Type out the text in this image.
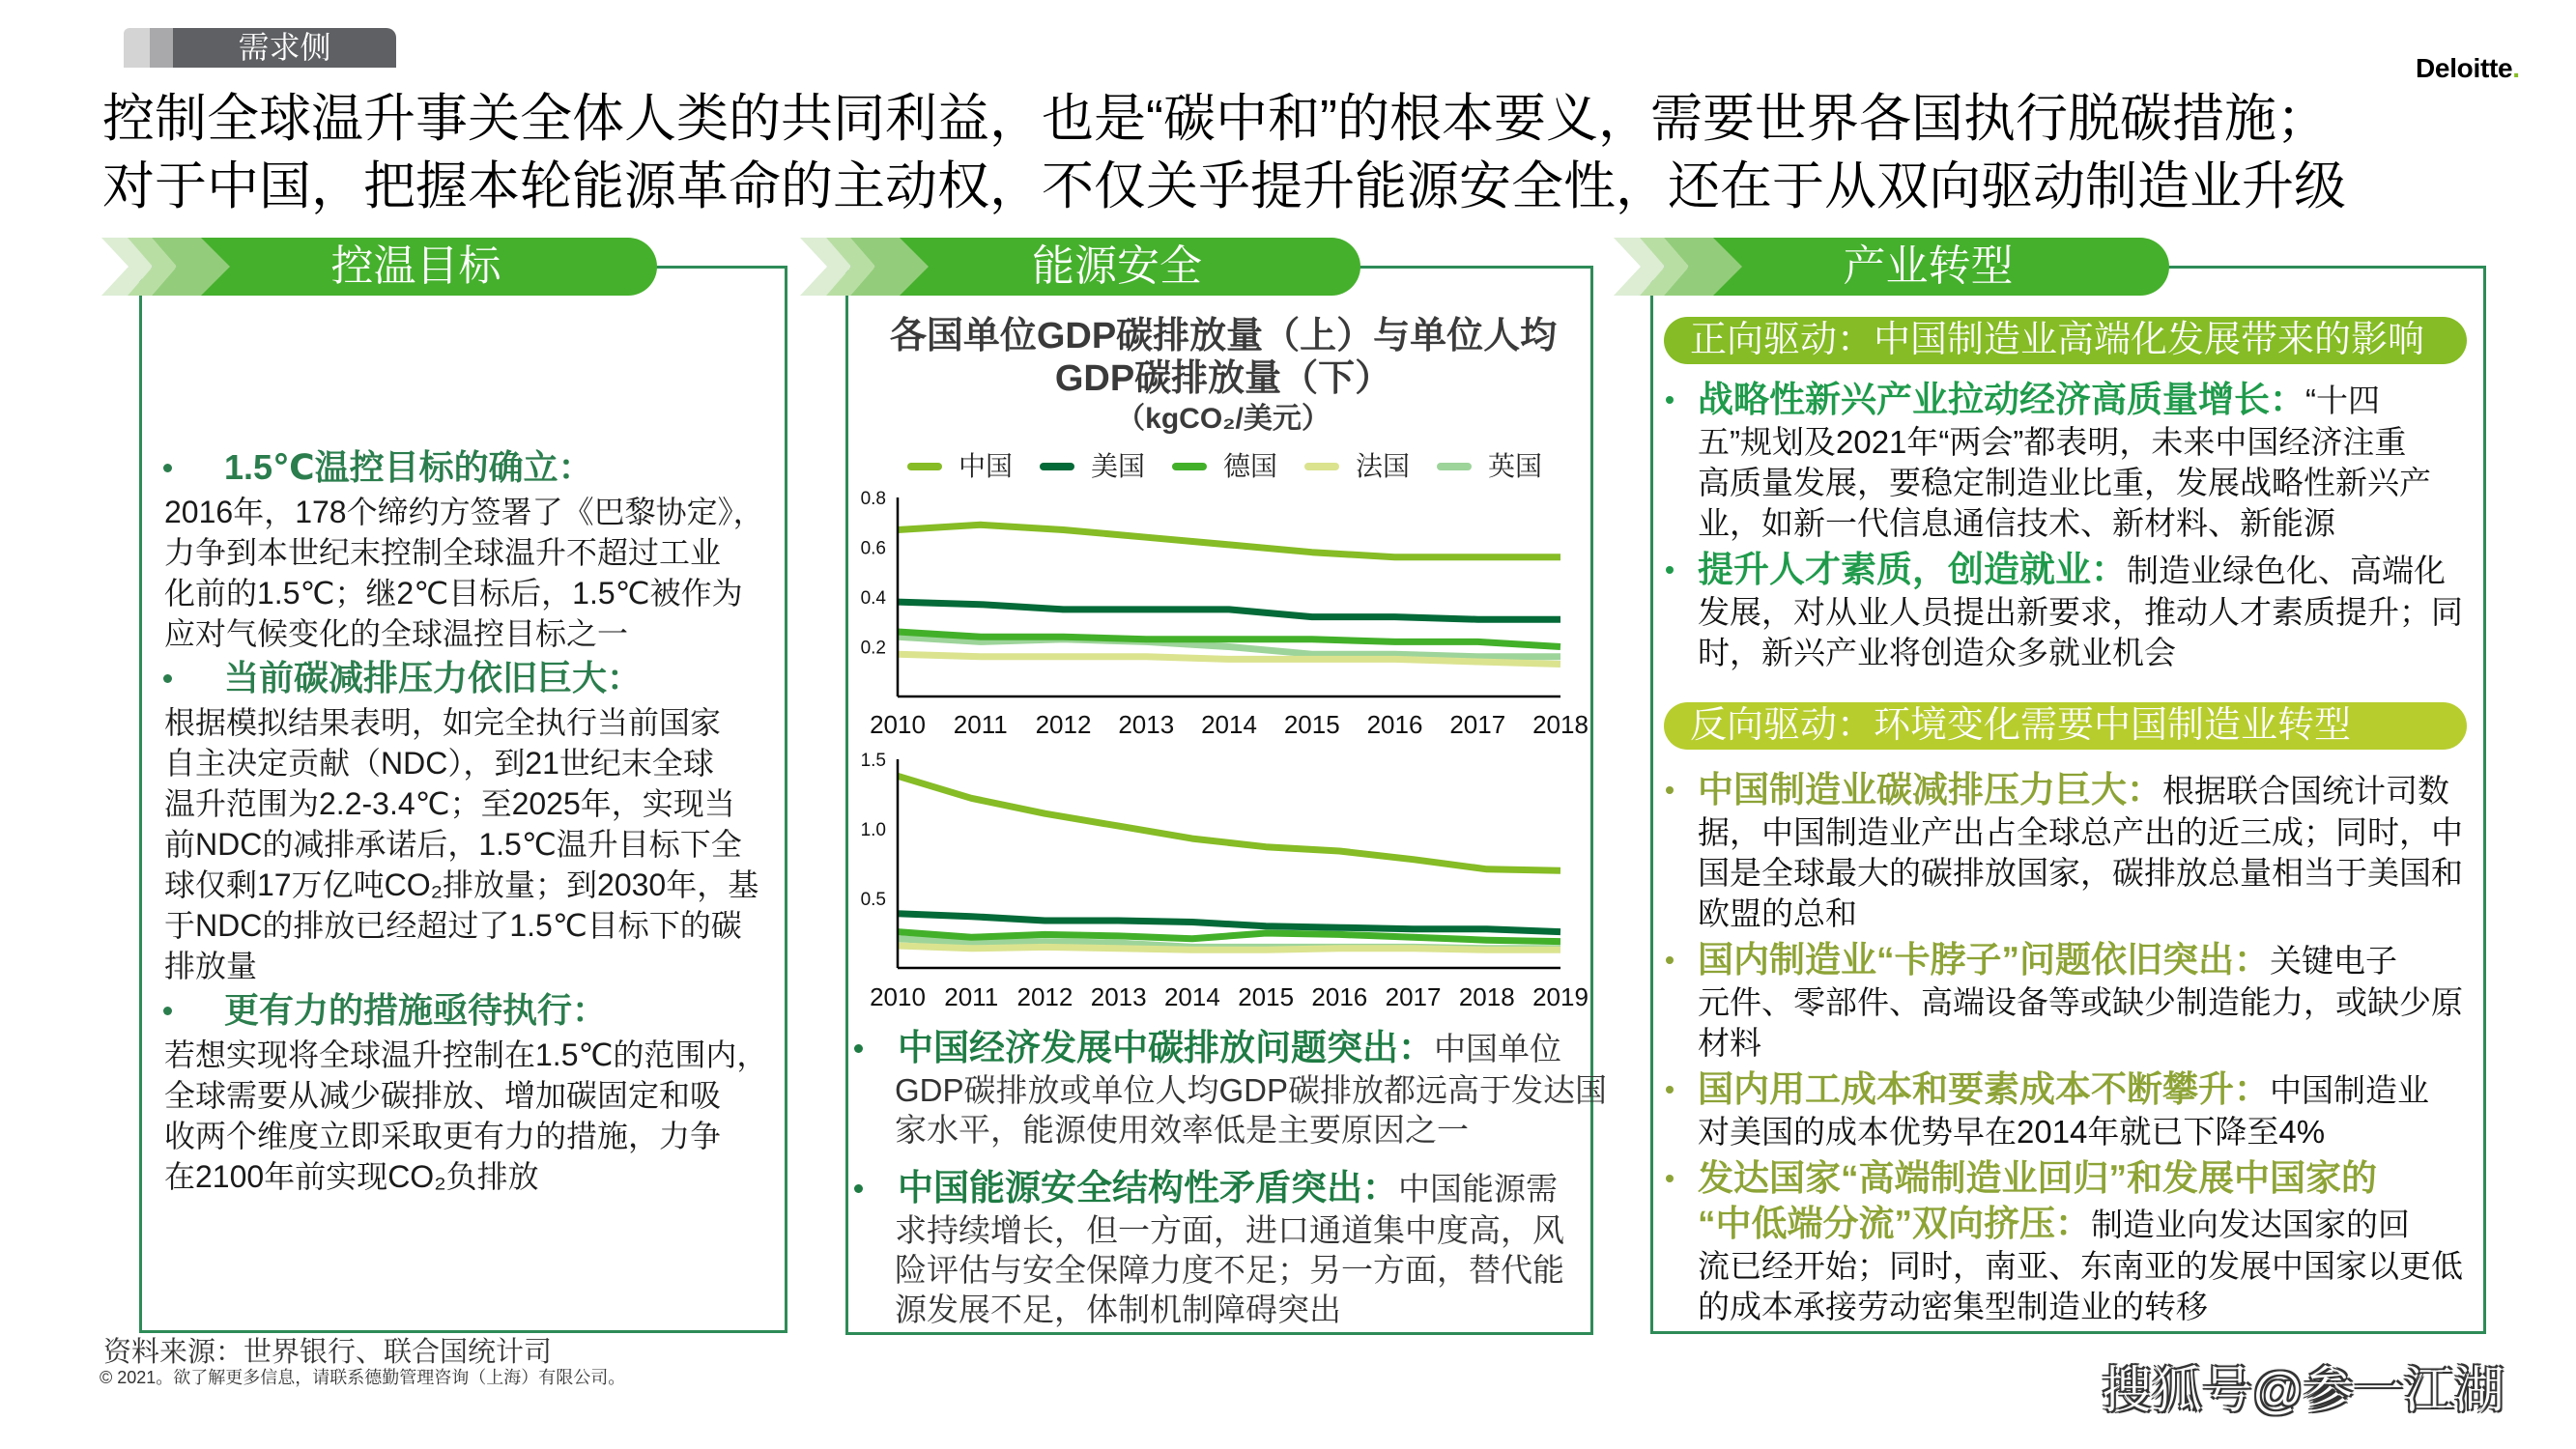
需求侧
Deloitte.
控制全球温升事关全体人类的共同利益，也是“碳中和”的根本要义，需要世界各国执行脱碳措施；
对于中国，把握本轮能源革命的主动权，不仅关乎提升能源安全性，还在于从双向驱动制造业升级
控温目标	能源安全	产业转型
1.5℃温控目标的确立：
2016年，178个缔约方签署了《巴黎协定》，
力争到本世纪末控制全球温升不超过工业
化前的1.5℃；继2℃目标后，1.5℃被作为
应对气候变化的全球温控目标之一
当前碳减排压力依旧巨大：
根据模拟结果表明，如完全执行当前国家
自主决定贡献（NDC），到21世纪末全球
温升范围为2.2-3.4℃；至2025年，实现当
前NDC的减排承诺后，1.5℃温升目标下全
球仅剩17万亿吨CO₂排放量；到2030年，基
于NDC的排放已经超过了1.5℃目标下的碳
排放量
更有力的措施亟待执行：
若想实现将全球温升控制在1.5℃的范围内，
全球需要从减少碳排放、增加碳固定和吸
收两个维度立即采取更有力的措施，力争
在2100年前实现CO₂负排放
各国单位GDP碳排放量（上）与单位人均
GDP碳排放量（下）
（kgCO₂/美元）
中国	美国	德国	法国	英国
0.2
0.4
0.6
0.8
2010 2011 2012 2013 2014 2015 2016 2017 2018
0.5
1.0
1.5
2010 2011 2012 2013 2014 2015 2016 2017 2018 2019
中国经济发展中碳排放问题突出：中国单位
GDP碳排放或单位人均GDP碳排放都远高于发达国
家水平，能源使用效率低是主要原因之一
中国能源安全结构性矛盾突出：中国能源需
求持续增长，但一方面，进口通道集中度高，风
险评估与安全保障力度不足；另一方面，替代能
源发展不足，体制机制障碍突出
正向驱动：中国制造业高端化发展带来的影响
反向驱动：环境变化需要中国制造业转型
战略性新兴产业拉动经济高质量增长：“十四
五”规划及2021年“两会”都表明，未来中国经济注重
高质量发展，要稳定制造业比重，发展战略性新兴产
业，如新一代信息通信技术、新材料、新能源
提升人才素质，创造就业：制造业绿色化、高端化
发展，对从业人员提出新要求，推动人才素质提升；同
时，新兴产业将创造众多就业机会
中国制造业碳减排压力巨大：根据联合国统计司数
据，中国制造业产出占全球总产出的近三成；同时，中
国是全球最大的碳排放国家，碳排放总量相当于美国和
欧盟的总和
国内制造业“卡脖子”问题依旧突出：关键电子
元件、零部件、高端设备等或缺少制造能力，或缺少原
材料
国内用工成本和要素成本不断攀升：中国制造业
对美国的成本优势早在2014年就已下降至4%
发达国家“高端制造业回归”和发展中国家的
“中低端分流”双向挤压：制造业向发达国家的回
流已经开始；同时，南亚、东南亚的发展中国家以更低
的成本承接劳动密集型制造业的转移
资料来源：世界银行、联合国统计司
© 2021。欲了解更多信息，请联系德勤管理咨询（上海）有限公司。	搜狐号@参一江湖
